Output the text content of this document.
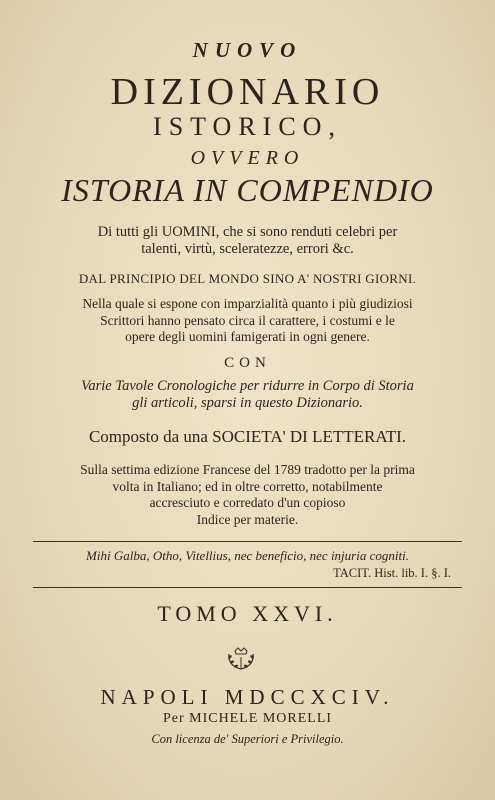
NUOVO
DIZIONARIO
ISTORICO,
OVVERO
ISTORIA IN COMPENDIO
Di tutti gli UOMINI, che si sono renduti celebri per
talenti, virtù, sceleratezze, errori &c.
DAL PRINCIPIO DEL MONDO SINO A' NOSTRI GIORNI.
Nella quale si espone con imparzialità quanto i più giudiziosi
Scrittori hanno pensato circa il carattere, i costumi e le
opere degli uomini famigerati in ogni genere.
CON
Varie Tavole Cronologiche per ridurre in Corpo di Storia
gli articoli, sparsi in questo Dizionario.
Composto da una SOCIETA' DI LETTERATI.
Sulla settima edizione Francese del 1789 tradotto per la prima
volta in Italiano; ed in oltre corretto, notabilmente
accresciuto e corredato d'un copioso
Indice per materie.
Mihi Galba, Otho, Vitellius, nec beneficio, nec injuria cogniti.
TACIT. Hist. lib. I. §. I.
TOMO XXVI.
NAPOLI MDCCXCIV.
Per MICHELE MORELLI
Con licenza de' Superiori e Privilegio.
